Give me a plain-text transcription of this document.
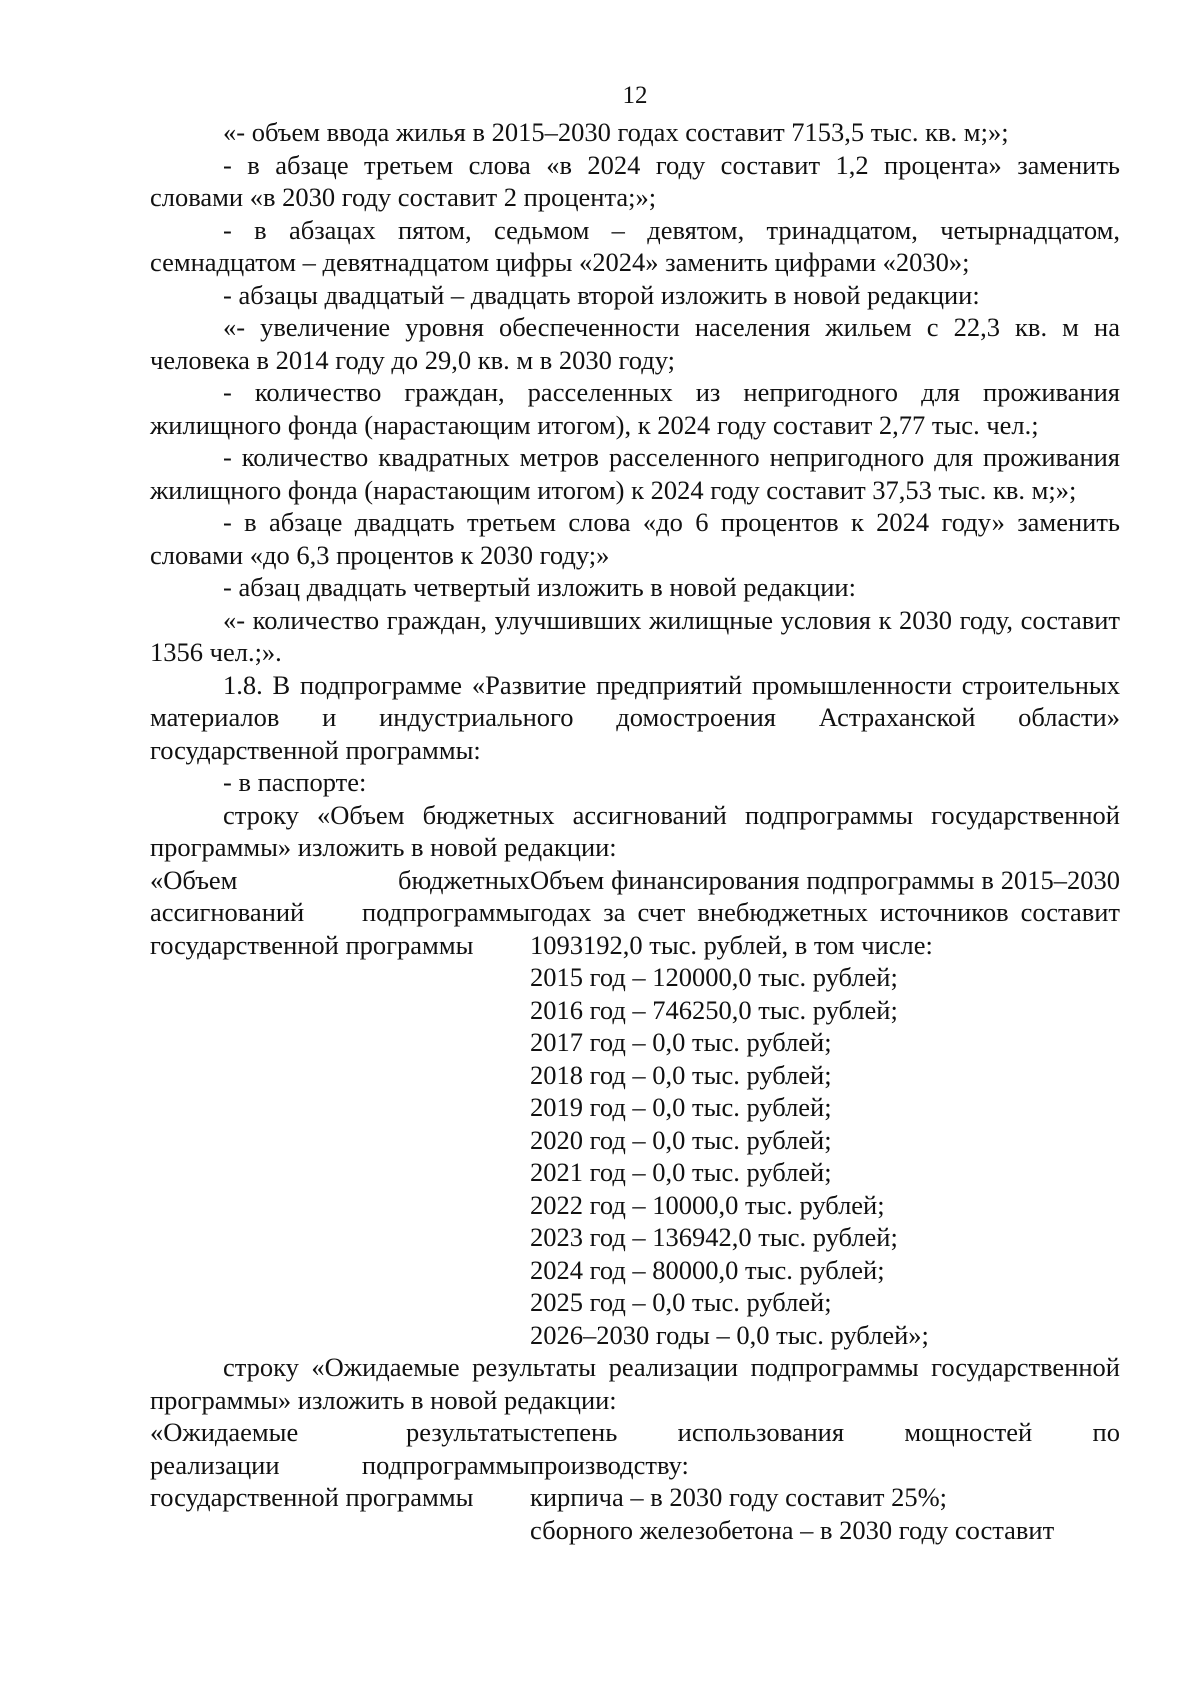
12

«- объем ввода жилья в 2015–2030 годах составит 7153,5 тыс. кв. м;»;

- в абзаце третьем слова «в 2024 году составит 1,2 процента» заменить словами «в 2030 году составит 2 процента;»;

- в абзацах пятом, седьмом – девятом, тринадцатом, четырнадцатом, семнадцатом – девятнадцатом цифры «2024» заменить цифрами «2030»;

- абзацы двадцатый – двадцать второй изложить в новой редакции:

«- увеличение уровня обеспеченности населения жильем с 22,3 кв. м на человека в 2014 году до 29,0 кв. м в 2030 году;

- количество граждан, расселенных из непригодного для проживания жилищного фонда (нарастающим итогом), к 2024 году составит 2,77 тыс. чел.;

- количество квадратных метров расселенного непригодного для проживания жилищного фонда (нарастающим итогом) к 2024 году составит 37,53 тыс. кв. м;»;

- в абзаце двадцать третьем слова «до 6 процентов к 2024 году» заменить словами «до 6,3 процентов к 2030 году;»

- абзац двадцать четвертый изложить в новой редакции:

«- количество граждан, улучшивших жилищные условия к 2030 году, составит 1356 чел.;».

1.8. В подпрограмме «Развитие предприятий промышленности строительных материалов и индустриального домостроения Астраханской области» государственной программы:

- в паспорте:

строку «Объем бюджетных ассигнований подпрограммы государственной программы» изложить в новой редакции:

«Объем бюджетных ассигнований подпрограммы государственной программы

Объем финансирования подпрограммы в 2015–2030 годах за счет внебюджетных источников составит 1093192,0 тыс. рублей, в том числе:

2015 год – 120000,0 тыс. рублей;

2016 год – 746250,0 тыс. рублей;

2017 год – 0,0 тыс. рублей;

2018 год – 0,0 тыс. рублей;

2019 год – 0,0 тыс. рублей;

2020 год – 0,0 тыс. рублей;

2021 год – 0,0 тыс. рублей;

2022 год – 10000,0 тыс. рублей;

2023 год – 136942,0 тыс. рублей;

2024 год – 80000,0 тыс. рублей;

2025 год – 0,0 тыс. рублей;

2026–2030 годы – 0,0 тыс. рублей»;

строку «Ожидаемые результаты реализации подпрограммы государственной программы» изложить в новой редакции:

«Ожидаемые результаты реализации подпрограммы государственной программы

степень использования мощностей по производству:

кирпича – в 2030 году составит 25%;

сборного железобетона – в 2030 году составит
